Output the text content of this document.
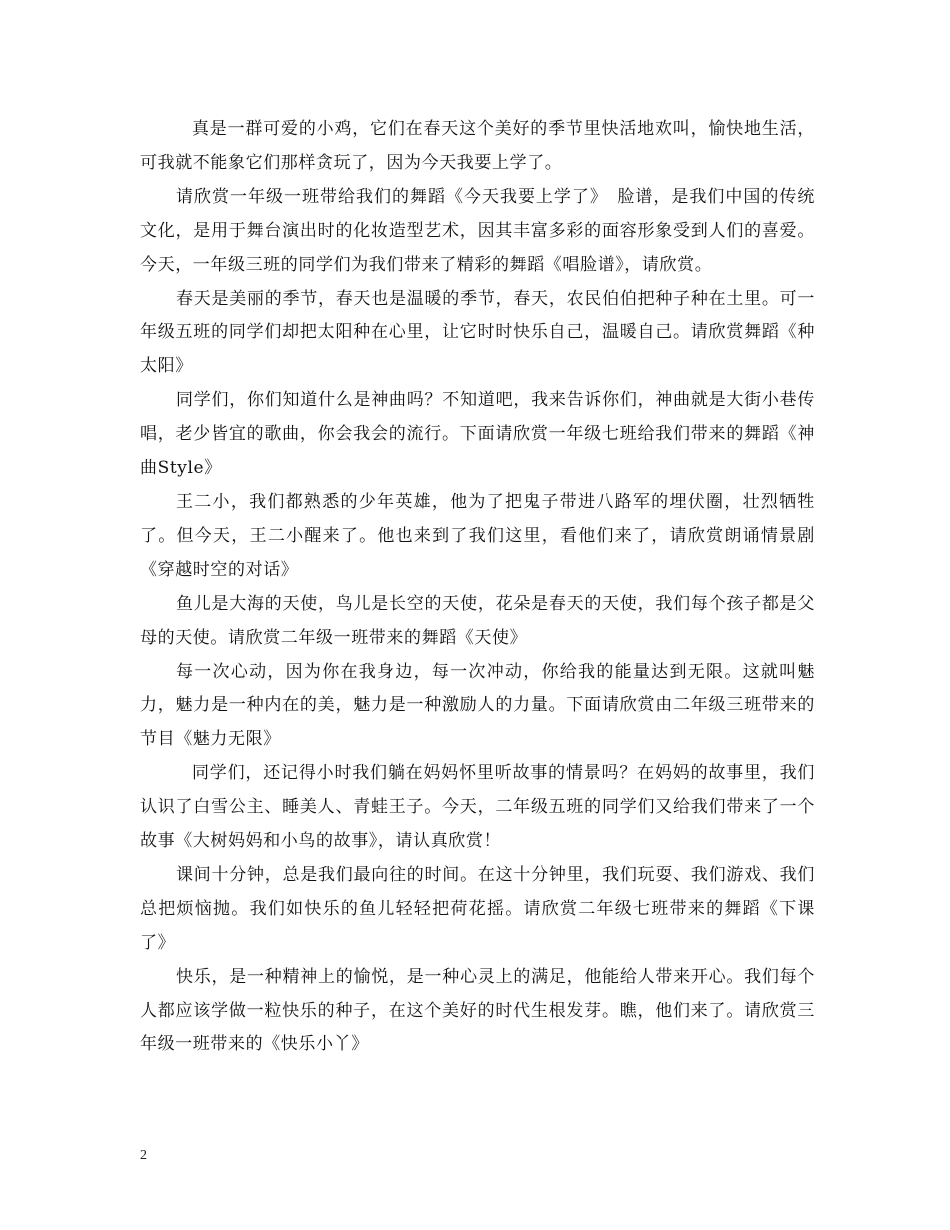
真是一群可爱的小鸡，它们在春天这个美好的季节里快活地欢叫，愉快地生活，可我就不能象它们那样贪玩了，因为今天我要上学了。

请欣赏一年级一班带给我们的舞蹈《今天我要上学了》　脸谱，是我们中国的传统文化，是用于舞台演出时的化妆造型艺术，因其丰富多彩的面容形象受到人们的喜爱。今天，一年级三班的同学们为我们带来了精彩的舞蹈《唱脸谱》，请欣赏。

春天是美丽的季节，春天也是温暖的季节，春天，农民伯伯把种子种在土里。可一年级五班的同学们却把太阳种在心里，让它时时快乐自己，温暖自己。请欣赏舞蹈《种太阳》

同学们，你们知道什么是神曲吗？不知道吧，我来告诉你们，神曲就是大街小巷传唱，老少皆宜的歌曲，你会我会的流行。下面请欣赏一年级七班给我们带来的舞蹈《神曲Style》

王二小，我们都熟悉的少年英雄，他为了把鬼子带进八路军的埋伏圈，壮烈牺牲了。但今天，王二小醒来了。他也来到了我们这里，看他们来了，请欣赏朗诵情景剧《穿越时空的对话》

鱼儿是大海的天使，鸟儿是长空的天使，花朵是春天的天使，我们每个孩子都是父母的天使。请欣赏二年级一班带来的舞蹈《天使》

每一次心动，因为你在我身边，每一次冲动，你给我的能量达到无限。这就叫魅力，魅力是一种内在的美，魅力是一种激励人的力量。下面请欣赏由二年级三班带来的节目《魅力无限》

同学们，还记得小时我们躺在妈妈怀里听故事的情景吗？在妈妈的故事里，我们认识了白雪公主、睡美人、青蛙王子。今天，二年级五班的同学们又给我们带来了一个故事《大树妈妈和小鸟的故事》，请认真欣赏！

课间十分钟，总是我们最向往的时间。在这十分钟里，我们玩耍、我们游戏、我们总把烦恼抛。我们如快乐的鱼儿轻轻把荷花摇。请欣赏二年级七班带来的舞蹈《下课了》

快乐，是一种精神上的愉悦，是一种心灵上的满足，他能给人带来开心。我们每个人都应该学做一粒快乐的种子，在这个美好的时代生根发芽。瞧，他们来了。请欣赏三年级一班带来的《快乐小丫》

2
